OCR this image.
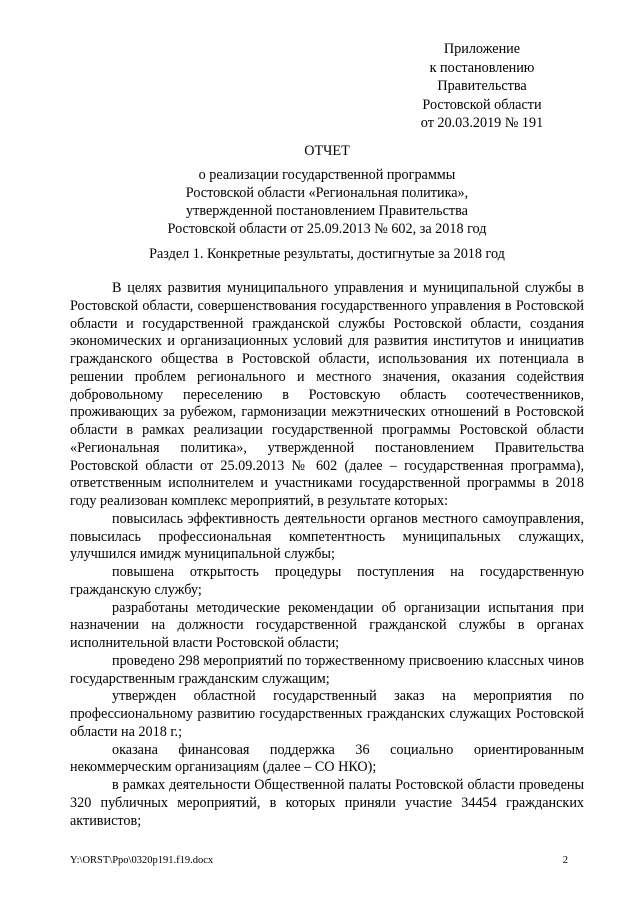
Приложение
к постановлению
Правительства
Ростовской области
от 20.03.2019 № 191
ОТЧЕТ
о реализации государственной программы
Ростовской области «Региональная политика»,
утвержденной постановлением Правительства
Ростовской области от 25.09.2013 № 602, за 2018 год
Раздел 1. Конкретные результаты, достигнутые за 2018 год

В целях развития муниципального управления и муниципальной службы в Ростовской области, совершенствования государственного управления в Ростовской области и государственной гражданской службы Ростовской области, создания экономических и организационных условий для развития институтов и инициатив гражданского общества в Ростовской области, использования их потенциала в решении проблем регионального и местного значения, оказания содействия добровольному переселению в Ростовскую область соотечественников, проживающих за рубежом, гармонизации межэтнических отношений в Ростовской области в рамках реализации государственной программы Ростовской области «Региональная политика», утвержденной постановлением Правительства Ростовской области от 25.09.2013 № 602 (далее – государственная программа), ответственным исполнителем и участниками государственной программы в 2018 году реализован комплекс мероприятий, в результате которых:

повысилась эффективность деятельности органов местного самоуправления, повысилась профессиональная компетентность муниципальных служащих, улучшился имидж муниципальной службы;

повышена открытость процедуры поступления на государственную гражданскую службу;

разработаны методические рекомендации об организации испытания при назначении на должности государственной гражданской службы в органах исполнительной власти Ростовской области;

проведено 298 мероприятий по торжественному присвоению классных чинов государственным гражданским служащим;

утвержден областной государственный заказ на мероприятия по профессиональному развитию государственных гражданских служащих Ростовской области на 2018 г.;

оказана финансовая поддержка 36 социально ориентированным некоммерческим организациям (далее – СО НКО);

в рамках деятельности Общественной палаты Ростовской области проведены 320 публичных мероприятий, в которых приняли участие 34454 гражданских активистов;

Y:\ORST\Ppo\0320p191.f19.docx	2
